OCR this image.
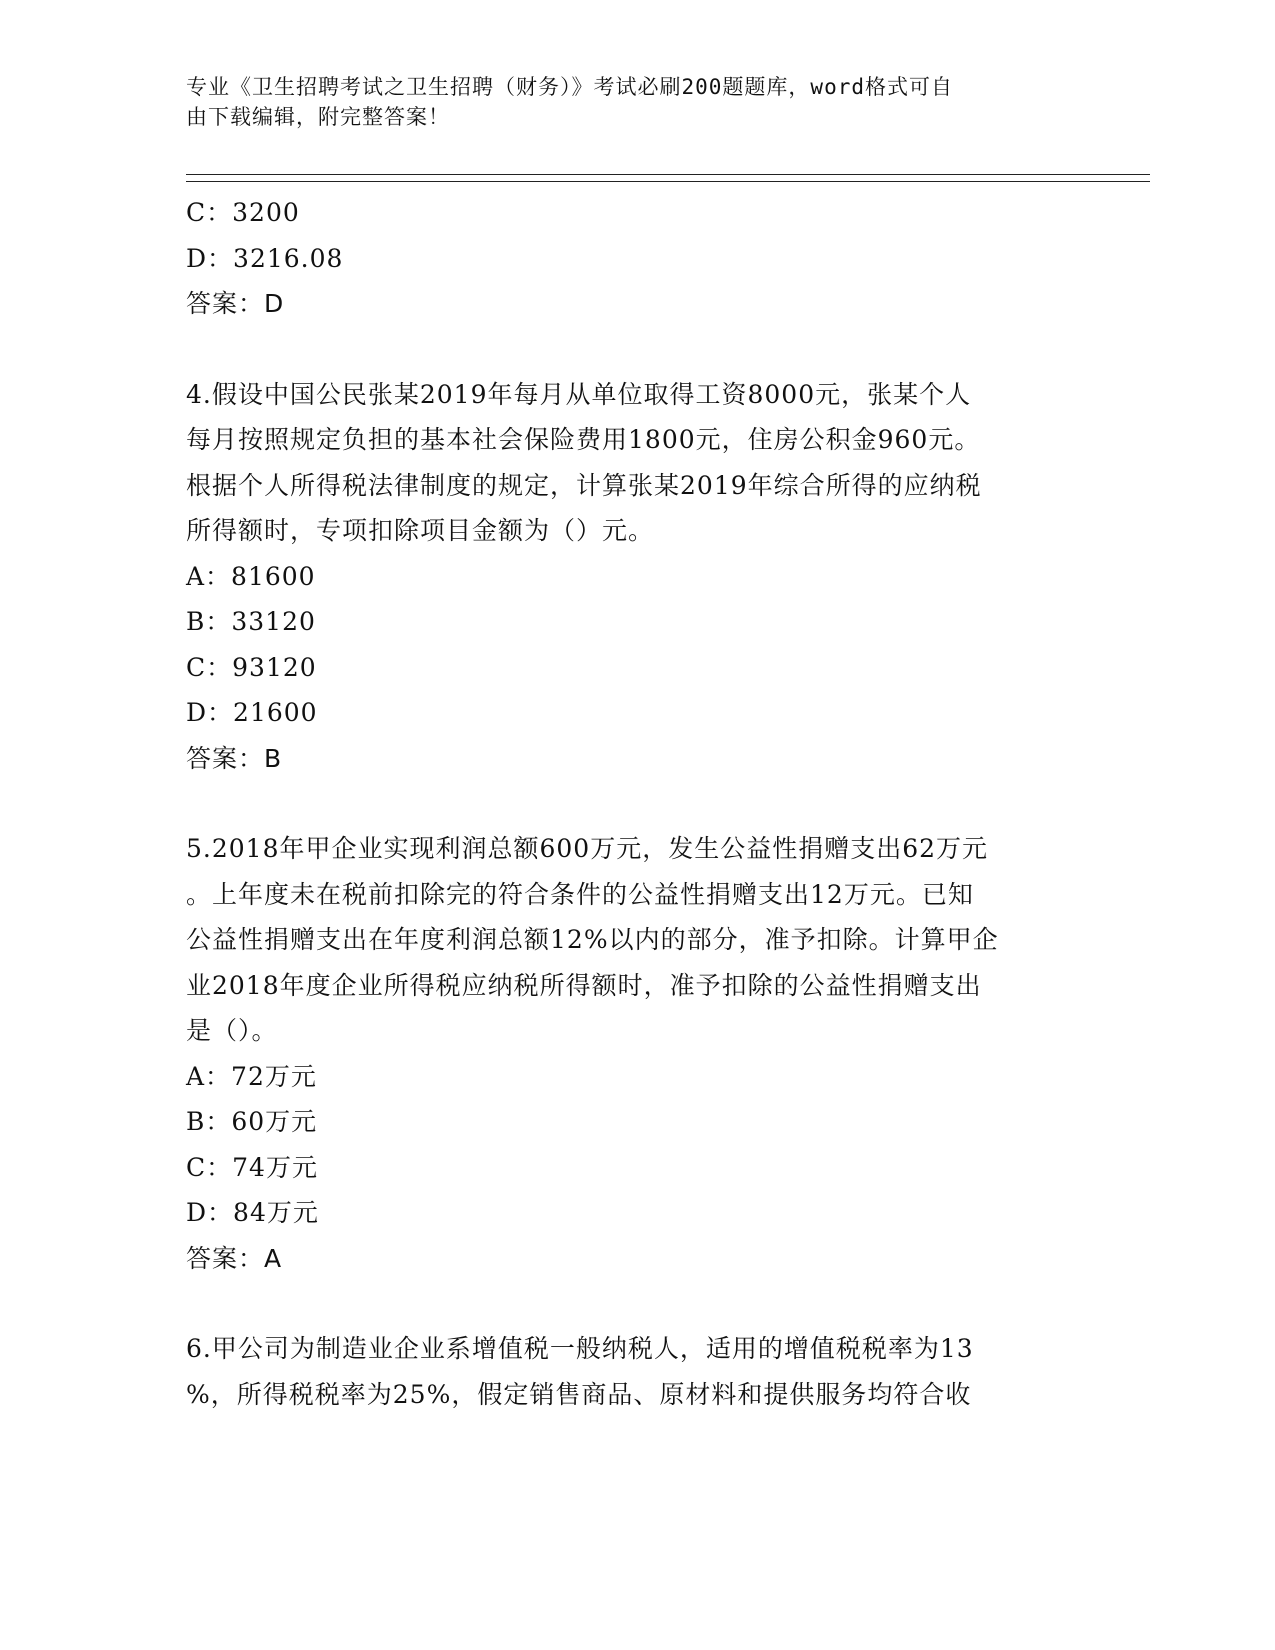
专业《卫生招聘考试之卫生招聘（财务）》考试必刷200题题库，word格式可自
由下载编辑，附完整答案！
C：3200
D：3216.08
答案：D
4.假设中国公民张某2019年每月从单位取得工资8000元，张某个人
每月按照规定负担的基本社会保险费用1800元，住房公积金960元。
根据个人所得税法律制度的规定，计算张某2019年综合所得的应纳税
所得额时，专项扣除项目金额为（）元。
A：81600
B：33120
C：93120
D：21600
答案：B
5.2018年甲企业实现利润总额600万元，发生公益性捐赠支出62万元
。上年度未在税前扣除完的符合条件的公益性捐赠支出12万元。已知
公益性捐赠支出在年度利润总额12%以内的部分，准予扣除。计算甲企
业2018年度企业所得税应纳税所得额时，准予扣除的公益性捐赠支出
是（）。
A：72万元
B：60万元
C：74万元
D：84万元
答案：A
6.甲公司为制造业企业系增值税一般纳税人，适用的增值税税率为13
%，所得税税率为25%，假定销售商品、原材料和提供服务均符合收
